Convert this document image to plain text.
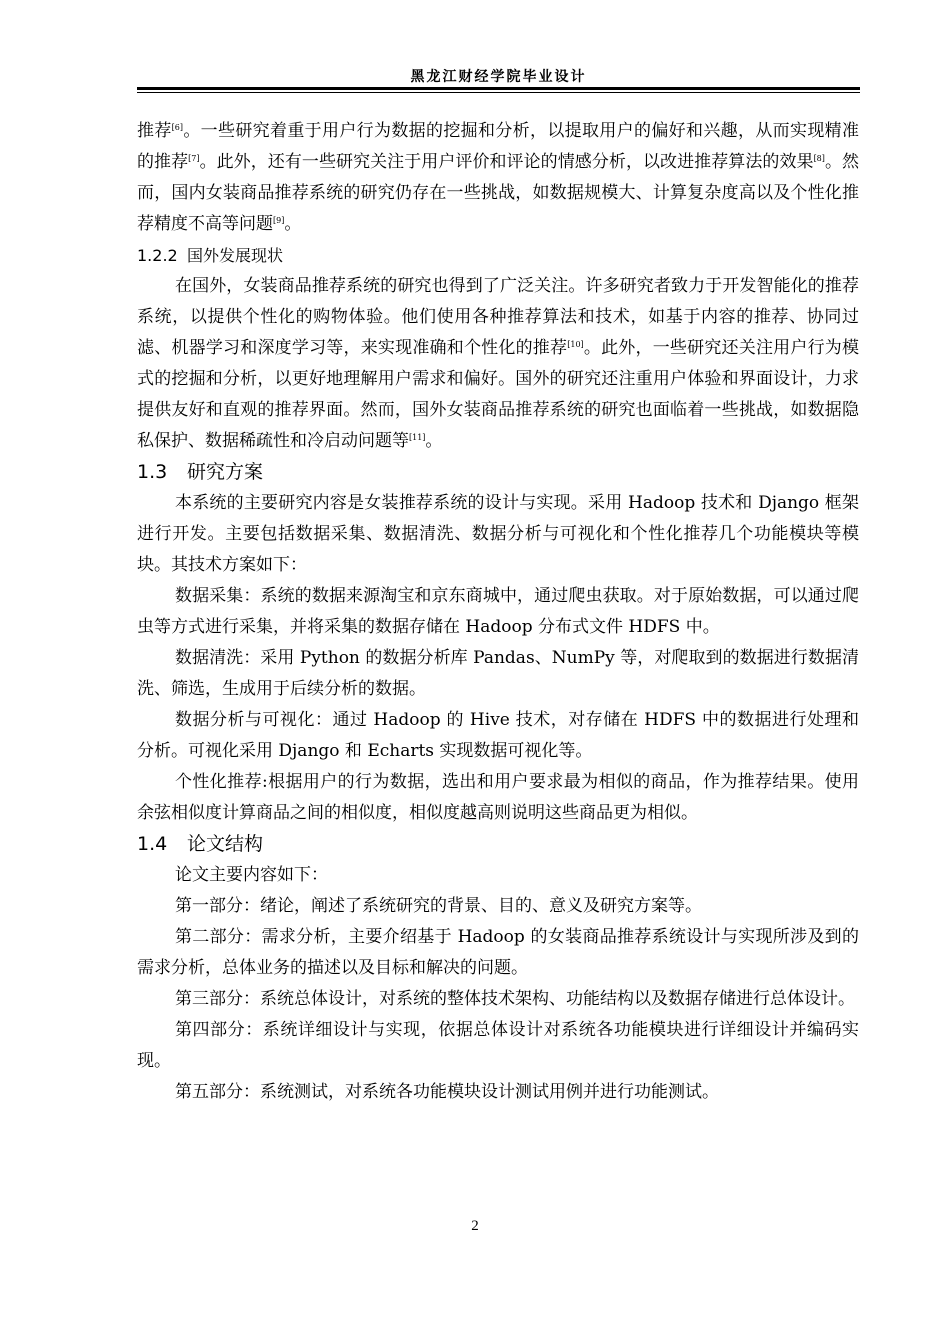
黑龙江财经学院毕业设计

推荐[6]。一些研究着重于用户行为数据的挖掘和分析，以提取用户的偏好和兴趣，从而实现精准的推荐[7]。此外，还有一些研究关注于用户评价和评论的情感分析，以改进推荐算法的效果[8]。然而，国内女装商品推荐系统的研究仍存在一些挑战，如数据规模大、计算复杂度高以及个性化推荐精度不高等问题[9]。

1.2.2 国外发展现状

在国外，女装商品推荐系统的研究也得到了广泛关注。许多研究者致力于开发智能化的推荐系统，以提供个性化的购物体验。他们使用各种推荐算法和技术，如基于内容的推荐、协同过滤、机器学习和深度学习等，来实现准确和个性化的推荐[10]。此外，一些研究还关注用户行为模式的挖掘和分析，以更好地理解用户需求和偏好。国外的研究还注重用户体验和界面设计，力求提供友好和直观的推荐界面。然而，国外女装商品推荐系统的研究也面临着一些挑战，如数据隐私保护、数据稀疏性和冷启动问题等[11]。

1.3 研究方案

本系统的主要研究内容是女装推荐系统的设计与实现。采用 Hadoop 技术和 Django 框架进行开发。主要包括数据采集、数据清洗、数据分析与可视化和个性化推荐几个功能模块等模块。其技术方案如下：

数据采集：系统的数据来源淘宝和京东商城中，通过爬虫获取。对于原始数据，可以通过爬虫等方式进行采集，并将采集的数据存储在 Hadoop 分布式文件 HDFS 中。

数据清洗：采用 Python 的数据分析库 Pandas、NumPy 等，对爬取到的数据进行数据清洗、筛选，生成用于后续分析的数据。

数据分析与可视化：通过 Hadoop 的 Hive 技术，对存储在 HDFS 中的数据进行处理和分析。可视化采用 Django 和 Echarts 实现数据可视化等。

个性化推荐:根据用户的行为数据，选出和用户要求最为相似的商品，作为推荐结果。使用余弦相似度计算商品之间的相似度，相似度越高则说明这些商品更为相似。

1.4 论文结构

论文主要内容如下：

第一部分：绪论，阐述了系统研究的背景、目的、意义及研究方案等。

第二部分：需求分析，主要介绍基于 Hadoop 的女装商品推荐系统设计与实现所涉及到的需求分析，总体业务的描述以及目标和解决的问题。

第三部分：系统总体设计，对系统的整体技术架构、功能结构以及数据存储进行总体设计。

第四部分：系统详细设计与实现，依据总体设计对系统各功能模块进行详细设计并编码实现。

第五部分：系统测试，对系统各功能模块设计测试用例并进行功能测试。

2
